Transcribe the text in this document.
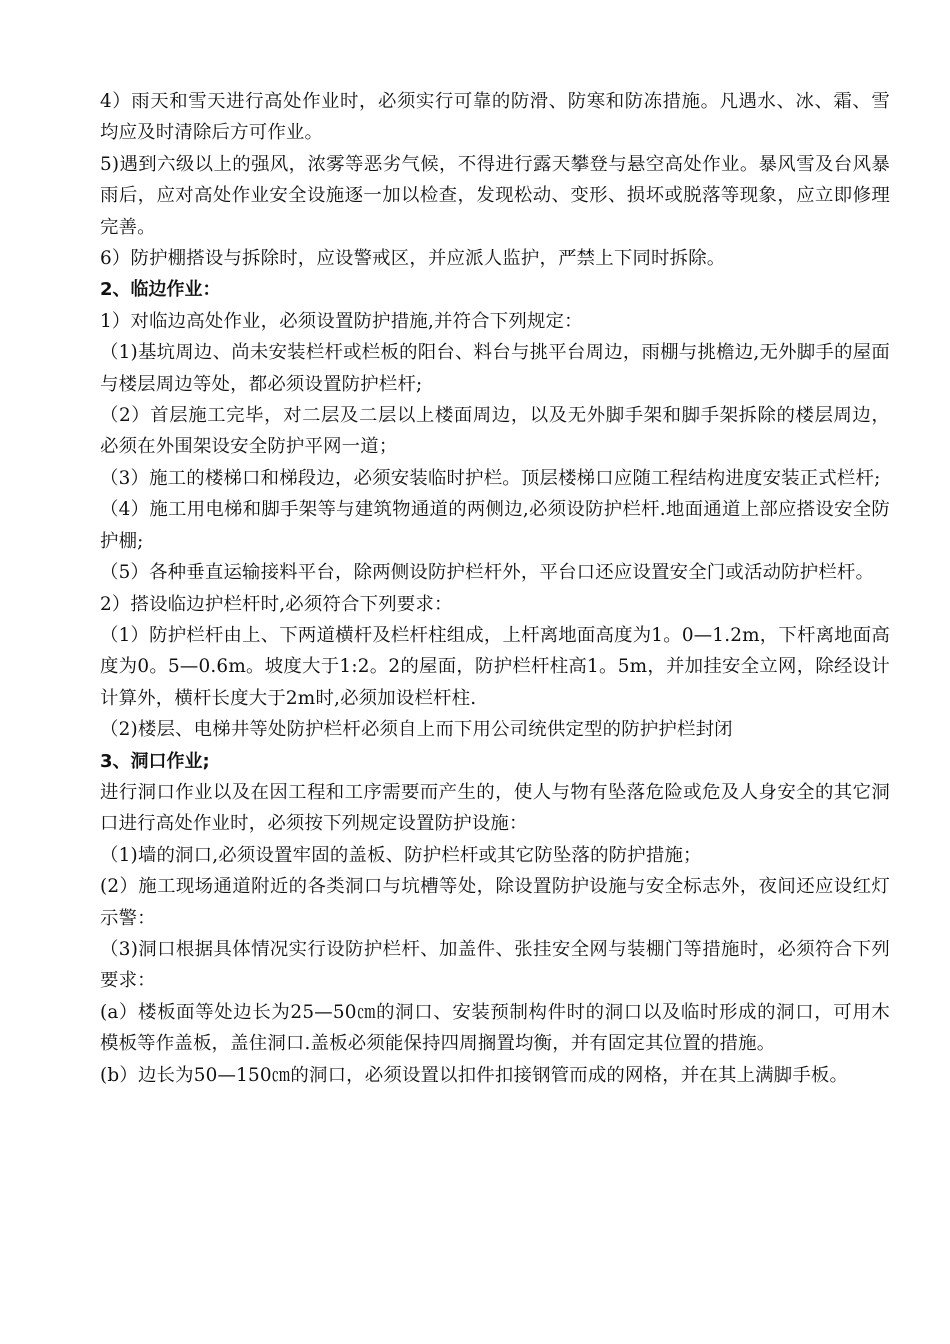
4）雨天和雪天进行高处作业时，必须实行可靠的防滑、防寒和防冻措施。凡遇水、冰、霜、雪均应及时清除后方可作业。

5)遇到六级以上的强风，浓雾等恶劣气候，不得进行露天攀登与悬空高处作业。暴风雪及台风暴雨后，应对高处作业安全设施逐一加以检查，发现松动、变形、损坏或脱落等现象，应立即修理完善。

6）防护棚搭设与拆除时，应设警戒区，并应派人监护，严禁上下同时拆除。

2、临边作业：

1）对临边高处作业，必须设置防护措施,并符合下列规定：

（1)基坑周边、尚未安装栏杆或栏板的阳台、料台与挑平台周边，雨棚与挑檐边,无外脚手的屋面与楼层周边等处，都必须设置防护栏杆;

（2）首层施工完毕，对二层及二层以上楼面周边，以及无外脚手架和脚手架拆除的楼层周边，必须在外围架设安全防护平网一道；

（3）施工的楼梯口和梯段边，必须安装临时护栏。顶层楼梯口应随工程结构进度安装正式栏杆;

（4）施工用电梯和脚手架等与建筑物通道的两侧边,必须设防护栏杆.地面通道上部应搭设安全防护棚;

（5）各种垂直运输接料平台，除两侧设防护栏杆外，平台口还应设置安全门或活动防护栏杆。

2）搭设临边护栏杆时,必须符合下列要求：

（1）防护栏杆由上、下两道横杆及栏杆柱组成，上杆离地面高度为1。0—1.2m，下杆离地面高度为0。5—0.6m。坡度大于1:2。2的屋面，防护栏杆柱高1。5m，并加挂安全立网，除经设计计算外，横杆长度大于2m时,必须加设栏杆柱.

（2)楼层、电梯井等处防护栏杆必须自上而下用公司统供定型的防护护栏封闭

3、洞口作业;

进行洞口作业以及在因工程和工序需要而产生的，使人与物有坠落危险或危及人身安全的其它洞口进行高处作业时，必须按下列规定设置防护设施：

（1)墙的洞口,必须设置牢固的盖板、防护栏杆或其它防坠落的防护措施；

(2）施工现场通道附近的各类洞口与坑槽等处，除设置防护设施与安全标志外，夜间还应设红灯示警：

（3)洞口根据具体情况实行设防护栏杆、加盖件、张挂安全网与装棚门等措施时，必须符合下列要求：

(a）楼板面等处边长为25—50㎝的洞口、安装预制构件时的洞口以及临时形成的洞口，可用木模板等作盖板，盖住洞口.盖板必须能保持四周搁置均衡，并有固定其位置的措施。

(b）边长为50—150㎝的洞口，必须设置以扣件扣接钢管而成的网格，并在其上满脚手板。
